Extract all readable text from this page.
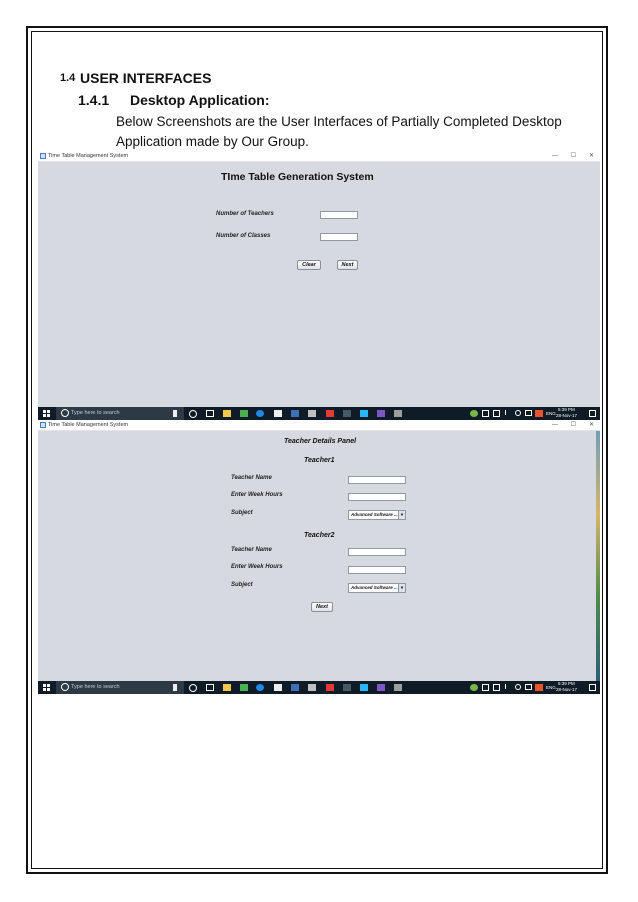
1.4 USER INTERFACES
1.4.1 Desktop Application:
Below Screenshots are the User Interfaces of Partially Completed Desktop Application made by Our Group.
Time Table Management System	— ☐ ✕
TIme Table Generation System
Number of Teachers
Number of Classes
Clear	Next
Type here to search	ENG
5:39 PM
28-Nov-17
Time Table Management System	— ☐ ✕
Teacher Details Panel
Teacher1
Teacher Name
Enter Week Hours
Subject	Advanced Software ... ▾
Teacher2
Teacher Name
Enter Week Hours
Subject	Advanced Software ... ▾
Next
Type here to search	ENG
5:39 PM
28-Nov-17
